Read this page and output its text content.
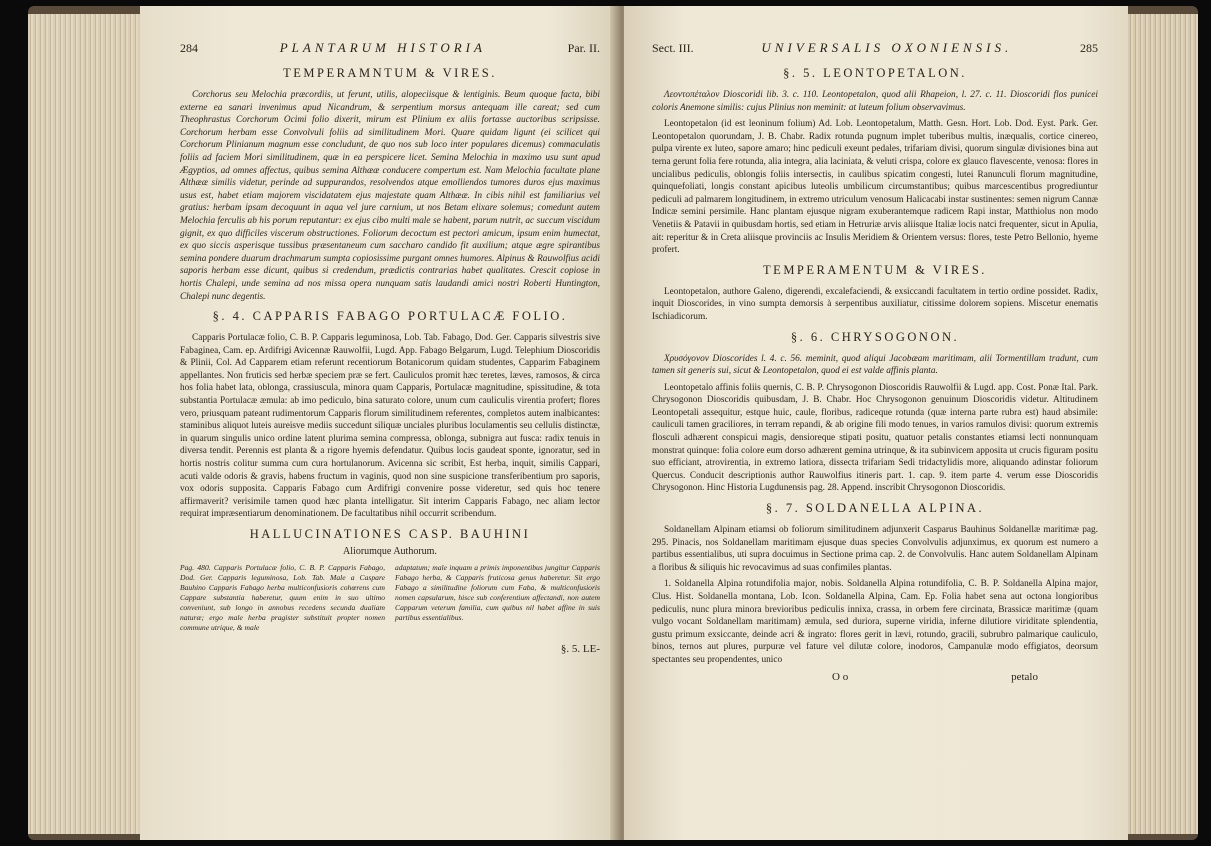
284	PLANTARUM HISTORIA	Par. II.
TEMPERAMNTUM & VIRES.

Corchorus seu Melochia præcordiis, ut ferunt, utilis, alopeciisque & lentiginis. Beum quoque facta, bibi externe ea sanari invenimus apud Nicandrum, & serpentium morsus antequam ille careat; sed cum Theophrastus Corchorum Ocimi folio dixerit, mirum est Plinium ex aliis fortasse auctoribus scripsisse. Corchorum herbam esse Convolvuli foliis ad similitudinem Mori. Quare quidam ligunt (ei scilicet qui Corchorum Plinianum magnum esse concludunt, de quo nos sub loco inter populares dicemus) commaculatis foliis ad faciem Mori similitudinem, quæ in ea perspicere licet. Semina Melochia in maximo usu sunt apud Ægyptios, ad omnes affectus, quibus semina Althææ conducere compertum est. Nam Melochia facultate plane Althææ similis videtur, perinde ad suppurandos, resolvendos atque emolliendos tumores duros ejus maximus usus est, habet etiam majorem viscidatatem ejus majestate quam Althææ. In cibis nihil est familiarius vel gratius: herbam ipsam decoquunt in aqua vel jure carnium, ut nos Betam elixare solemus; comedunt autem Melochia ferculis ab his porum reputantur: ex ejus cibo multi male se habent, parum nutrit, ac succum viscidum gignit, ex quo difficiles viscerum obstructiones. Foliorum decoctum est pectori amicum, ipsum enim humectat, ex quo siccis asperisque tussibus præsentaneum cum saccharo candido fit auxilium; atque ægre spirantibus semina pondere duarum drachmarum sumpta copiosissime purgant omnes humores. Alpinus & Rauwolfius acidi saporis herbam esse dicunt, quibus si credendum, prædictis contrarias habet qualitates. Crescit copiose in hortis Chalepi, unde semina ad nos missa opera nunquam satis laudandi amici nostri Roberti Huntington, Chalepi nunc degentis.

§. 4. CAPPARIS FABAGO PORTULACÆ FOLIO.

Capparis Portulacæ folio, C. B. P. Capparis leguminosa, Lob. Tab. Fabago, Dod. Ger. Capparis silvestris sive Fabaginea, Cam. ep. Ardifrigi Avicennæ Rauwolfii, Lugd. App. Fabago Belgarum, Lugd. Telephium Dioscoridis & Plinii, Col. Ad Capparem etiam referunt recentiorum Botanicorum quidam studentes, Capparim Fabaginem appellantes. Non fruticis sed herbæ speciem præ se fert. Cauliculos promit hæc teretes, læves, ramosos, & circa hos folia habet lata, oblonga, crassiuscula, minora quam Capparis, Portulacæ magnitudine, spissitudine, & tota substantia Portulacæ æmula: ab imo pediculo, bina saturato colore, unum cum cauliculis virentia profert; flores vero, priusquam pateant rudimentorum Capparis florum similitudinem referentes, completos autem inalbicantes: staminibus aliquot luteis aureisve mediis succedunt siliquæ unciales pluribus loculamentis seu cellulis distinctæ, in quarum singulis unico ordine latent plurima semina compressa, oblonga, subnigra aut fusca: radix tenuis in diversa tendit. Perennis est planta & a rigore hyemis defendatur. Quibus locis gaudeat sponte, ignoratur, sed in hortis nostris colitur summa cum cura hortulanorum. Avicenna sic scribit, Est herba, inquit, similis Cappari, acuti valde odoris & gravis, habens fructum in vaginis, quod non sine suspicione transferibentium pro saporis, vox odoris supposita. Capparis Fabago cum Ardifrigi convenire posse videretur, sed quis hoc tenere affirmaverit? verisimile tamen quod hæc planta intelligatur. Sit interim Capparis Fabago, nec aliam lector requirat impræsentiarum denominationem. De facultatibus nihil occurrit scribendum.

HALLUCINATIONES CASP. BAUHINI
Aliorumque Authorum.
Pag. 480. Capparis Portulacæ folio, C. B. P. Capparis Fabago, Dod. Ger. Capparis leguminosa, Lob. Tab. Male a Caspare Bauhino Capparis Fabago herba multiconfusioris cohœrens cum Cappare substantia haberetur, quum enim in suo ultimo conveniunt, sub longo in annobus recedens secunda dualiam naturæ; ergo male herba pragister substituit propter nomen commune utrique, & male
adaptatum; male inquam a primis imponentibus jungitur Capparis Fabago herba, & Capparis fruticosa genus haberetur. Sit ergo Fabago a similitudine foliorum cum Faba, & multiconfusioris nomen capsularum, hisce sub conferentium affectandi, non autem Capparum veterum familia, cum quibus nil habet affine in suis partibus essentialibus.
§. 5. LE-
Sect. III.	UNIVERSALIS OXONIENSIS.	285
§. 5. LEONTOPETALON.

Λεοντοπέταλον Dioscoridi lib. 3. c. 110. Leontopetalon, quod alii Rhapeion, l. 27. c. 11. Dioscoridi flos punicei coloris Anemone similis: cujus Plinius non meminit: at luteum folium observavimus.

Leontopetalon (id est leoninum folium) Ad. Lob. Leontopetalum, Matth. Gesn. Hort. Lob. Dod. Eyst. Park. Ger. Leontopetalon quorundam, J. B. Chabr. Radix rotunda pugnum implet tuberibus multis, inæqualis, cortice cinereo, pulpa virente ex luteo, sapore amaro; hinc pediculi exeunt pedales, trifariam divisi, quorum singulæ divisiones bina aut terna gerunt folia fere rotunda, alia integra, alia laciniata, & veluti crispa, colore ex glauco flavescente, venosa: flores in uncialibus pediculis, oblongis foliis intersectis, in caulibus spicatim congesti, lutei Ranunculi florum magnitudine, quinquefoliati, longis constant apicibus luteolis umbilicum circumstantibus; quibus marcescentibus progrediuntur pediculi ad palmarem longitudinem, in extremo utriculum venosum Halicacabi instar sustinentes: semen nigrum Cannæ Indicæ semini persimile. Hanc plantam ejusque nigram exuberantemque radicem Rapi instar, Matthiolus non modo Venetiis & Patavii in quibusdam hortis, sed etiam in Hetruriæ arvis aliisque Italiæ locis natci frequenter, sicut in Apulia, ait: reperitur & in Creta aliisque provinciis ac Insulis Meridiem & Orientem versus: flores, teste Petro Bellonio, hyeme profert.

TEMPERAMENTUM & VIRES.

Leontopetalon, authore Galeno, digerendi, excalefaciendi, & exsiccandi facultatem in tertio ordine possidet. Radix, inquit Dioscorides, in vino sumpta demorsis à serpentibus auxiliatur, citissime dolorem sopiens. Miscetur enematis Ischiadicorum.

§. 6. CHRYSOGONON.

Χρυσόγονον Dioscorides l. 4. c. 56. meminit, quod aliqui Jacobæam maritimam, alii Tormentillam tradunt, cum tamen sit generis sui, sicut & Leontopetalon, quod ei est valde affinis planta.

Leontopetalo affinis foliis quernis, C. B. P. Chrysogonon Dioscoridis Rauwolfii & Lugd. app. Cost. Ponæ Ital. Park. Chrysogonon Dioscoridis quibusdam, J. B. Chabr. Hoc Chrysogonon genuinum Dioscoridis videtur. Altitudinem Leontopetali assequitur, estque huic, caule, floribus, radiceque rotunda (quæ interna parte rubra est) haud absimile: cauliculi tamen graciliores, in terram repandi, & ab origine fili modo tenues, in varios ramulos divisi: quorum extremis flosculi adhærent conspicui magis, densioreque stipati positu, quatuor petalis constantes etiamsi lecti nonnunquam monstrat quinque: folia colore eum dorso adhærent gemina utrinque, & ita subinvicem apposita ut crucis figuram positu suo efficiant, atrovirentia, in extremo latiora, dissecta trifariam Sedi tridactylidis more, aliquando adinstar foliorum Quercus. Conducit descriptionis author Rauwolfius itineris part. 1. cap. 9. item parte 4. verum esse Dioscoridis Chrysogonon. Hinc Historia Lugdunensis pag. 28. Append. inscribit Chrysogonon Dioscoridis.

§. 7. SOLDANELLA ALPINA.

Soldanellam Alpinam etiamsi ob foliorum similitudinem adjunxerit Casparus Bauhinus Soldanellæ maritimæ pag. 295. Pinacis, nos Soldanellam maritimam ejusque duas species Convolvulis adjunximus, ex quorum est numero a partibus essentialibus, uti supra docuimus in Sectione prima cap. 2. de Convolvulis. Hanc autem Soldanellam Alpinam a floribus & siliquis hic revocavimus ad suas confimiles plantas.

1. Soldanella Alpina rotundifolia major, nobis. Soldanella Alpina rotundifolia, C. B. P. Soldanella Alpina major, Clus. Hist. Soldanella montana, Lob. Icon. Soldanella Alpina, Cam. Ep. Folia habet sena aut octona longioribus pediculis, nunc plura minora brevioribus pediculis innixa, crassa, in orbem fere circinata, Brassicæ maritimæ (quam vulgo vocant Soldanellam maritimam) æmula, sed duriora, superne viridia, inferne dilutiore viriditate splendentia, gustu primum exsiccante, deinde acri & ingrato: flores gerit in lævi, rotundo, gracili, subrubro palmarique cauliculo, binos, ternos aut plures, purpuræ vel fature vel dilutæ colore, inodoros, Campanulæ modo effigiatos, deorsum spectantes seu propendentes, unico

O o	petalo
